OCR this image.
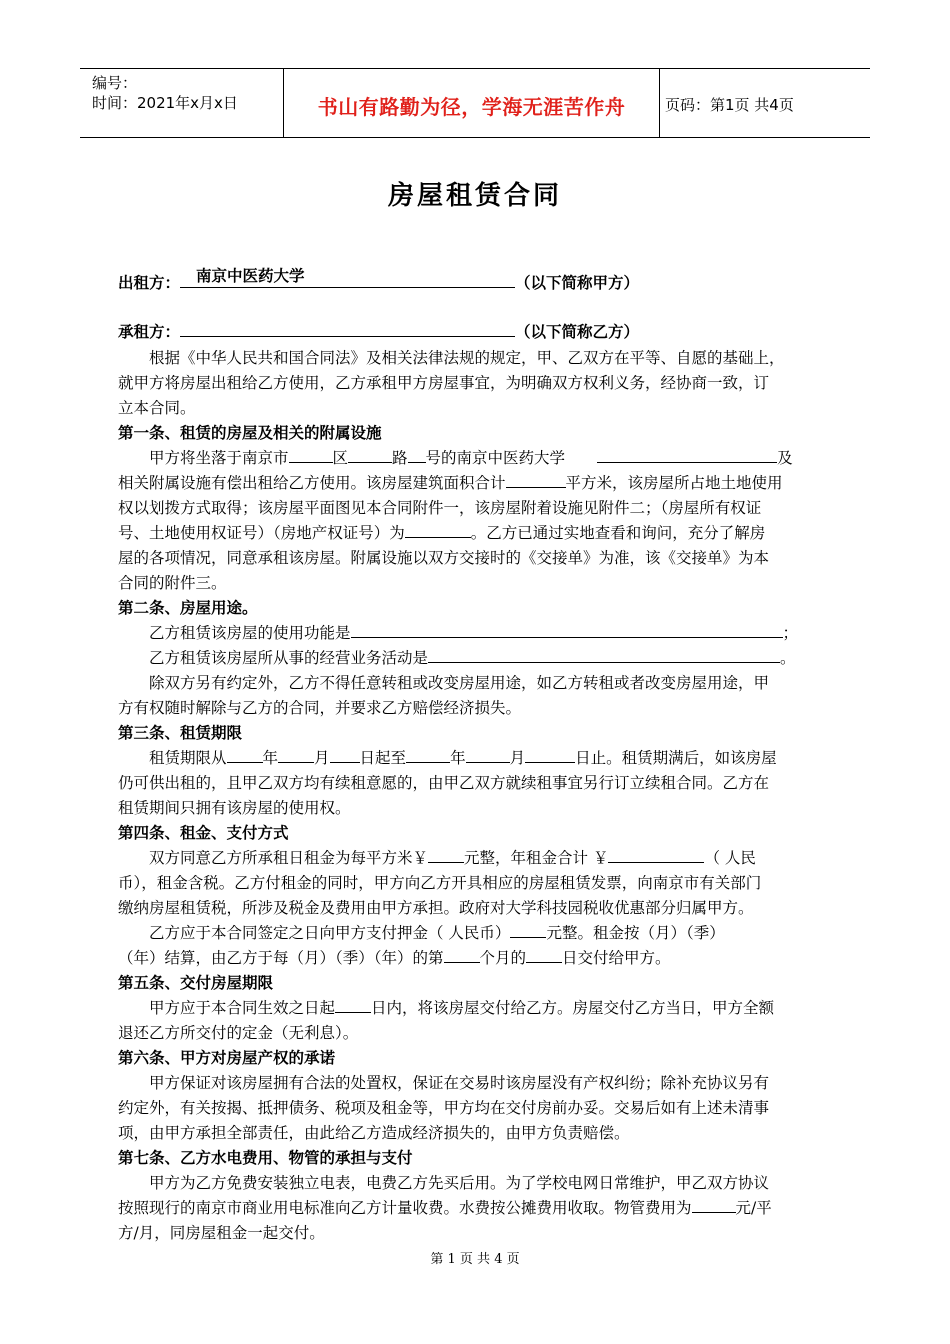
编号：
时间：2021年x月x日	书山有路勤为径，学海无涯苦作舟	页码：第1页 共4页
房屋租赁合同
出租方： 南京中医药大学	（以下简称甲方）
承租方：	（以下简称乙方）
根据《中华人民共和国合同法》及相关法律法规的规定，甲、乙双方在平等、自愿的基础上，
就甲方将房屋出租给乙方使用，乙方承租甲方房屋事宜，为明确双方权利义务，经协商一致，订
立本合同。
第一条、租赁的房屋及相关的附属设施
甲方将坐落于南京市	区	路 号的南京中医药大学	及
相关附属设施有偿出租给乙方使用。该房屋建筑面积合计	平方米，该房屋所占地土地使用
权以划拨方式取得；该房屋平面图见本合同附件一，该房屋附着设施见附件二；（房屋所有权证
号、土地使用权证号）（房地产权证号）为	。乙方已通过实地查看和询问，充分了解房
屋的各项情况，同意承租该房屋。附属设施以双方交接时的《交接单》为准，该《交接单》为本
合同的附件三。
第二条、房屋用途。
乙方租赁该房屋的使用功能是	；
乙方租赁该房屋所从事的经营业务活动是	。
除双方另有约定外，乙方不得任意转租或改变房屋用途，如乙方转租或者改变房屋用途，甲
方有权随时解除与乙方的合同，并要求乙方赔偿经济损失。
第三条、租赁期限
租赁期限从 年 月 日起至	年	月	日止。租赁期满后，如该房屋
仍可供出租的，且甲乙双方均有续租意愿的，由甲乙双方就续租事宜另行订立续租合同。乙方在
租赁期间只拥有该房屋的使用权。
第四条、租金、支付方式
双方同意乙方所承租日租金为每平方米￥ 元整，年租金合计 ￥	（ 人民
币），租金含税。乙方付租金的同时，甲方向乙方开具相应的房屋租赁发票，向南京市有关部门
缴纳房屋租赁税，所涉及税金及费用由甲方承担。政府对大学科技园税收优惠部分归属甲方。
乙方应于本合同签定之日向甲方支付押金（ 人民币） 元整。租金按（月）（季）
（年）结算，由乙方于每（月）（季）（年）的第 个月的 日交付给甲方。
第五条、交付房屋期限
甲方应于本合同生效之日起 日内，将该房屋交付给乙方。房屋交付乙方当日，甲方全额
退还乙方所交付的定金（无利息）。
第六条、甲方对房屋产权的承诺
甲方保证对该房屋拥有合法的处置权，保证在交易时该房屋没有产权纠纷；除补充协议另有
约定外，有关按揭、抵押债务、税项及租金等，甲方均在交付房前办妥。交易后如有上述未清事
项，由甲方承担全部责任，由此给乙方造成经济损失的，由甲方负责赔偿。
第七条、乙方水电费用、物管的承担与支付
甲方为乙方免费安装独立电表，电费乙方先买后用。为了学校电网日常维护，甲乙双方协议
按照现行的南京市商业用电标准向乙方计量收费。水费按公摊费用收取。物管费用为	元/平
方/月，同房屋租金一起交付。
第 1 页 共 4 页
